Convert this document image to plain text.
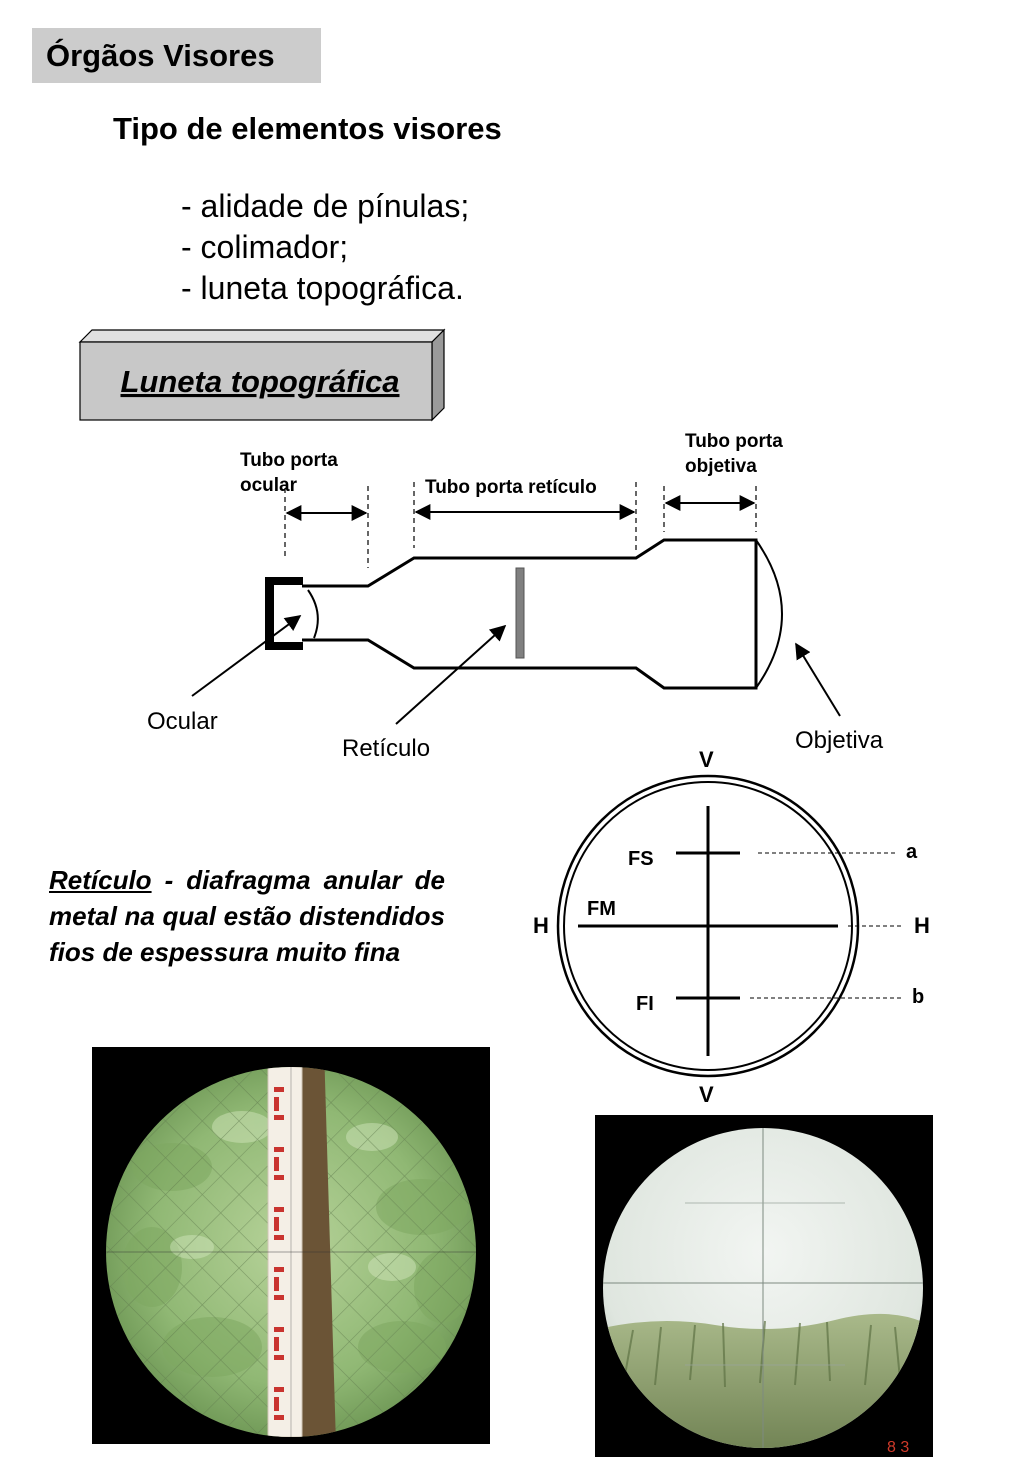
Órgãos Visores
Tipo de elementos visores
- alidade de pínulas;
- colimador;
- luneta topográfica.
Luneta topográfica
Tubo porta
ocular	Tubo porta retículo
Tubo porta
objetiva
Ocular
Retículo	Objetiva
V
V
H	H
FS
FM
FI
a
b
Retículo - diafragma anular de metal na qual estão distendidos fios de espessura muito fina
8 3
